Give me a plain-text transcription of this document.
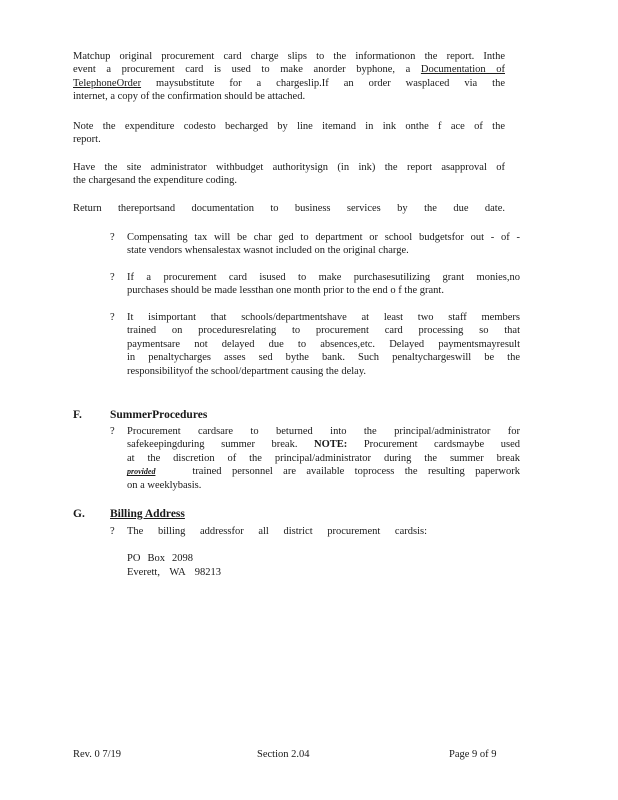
Matchup original procurement card charge slips to the informationon the report. Inthe
event a procurement card is used to make anorder byphone, a Documentation of
TelephoneOrder maysubstitute for a chargeslip.If an order wasplaced via the
internet, a copy of the confirmation should be attached.
Note the expenditure codesto becharged by line itemand in ink onthe f ace of the
report.
Have the site administrator withbudget authoritysign (in ink) the report asapproval of
the chargesand the expenditure coding.
Return thereportsand documentation to business services by the due date.
? Compensating tax will be char ged to department or school budgetsfor out - of -
state vendors whensalestax wasnot included on the original charge.
? If a procurement card isused to make purchasesutilizing grant monies,no
purchases should be made lessthan one month prior to the end o f the grant.
? It isimportant that schools/departmentshave at least two staff members
trained on proceduresrelating to procurement card processing so that
paymentsare not delayed due to absences,etc. Delayed paymentsmayresult
in penaltycharges asses sed bythe bank. Such penaltychargeswill be the
responsibilityof the school/department causing the delay.
F. SummerProcedures
? Procurement cardsare to beturned into the principal/administrator for
safekeepingduring summer break. NOTE: Procurement cardsmaybe used
at the discretion of the principal/administrator during the summer break
provided	trained personnel are available toprocess the resulting paperwork
on a weeklybasis.
G. Billing Address
? The billing addressfor all district procurement cardsis:
PO Box 2098
Everett, WA 98213
Rev. 0 7/19	Section 2.04	Page 9 of 9
